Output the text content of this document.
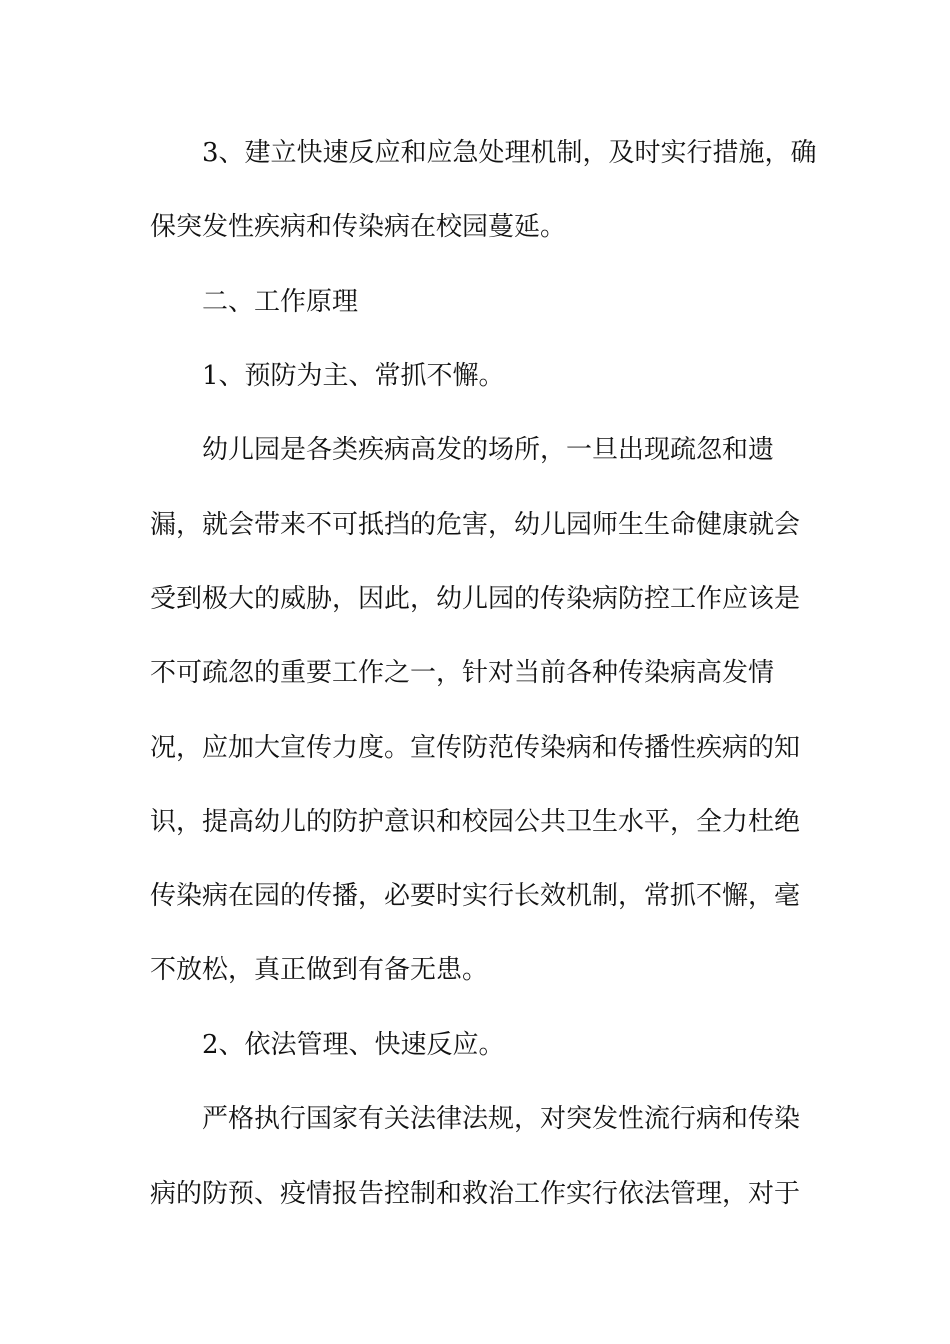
3、建立快速反应和应急处理机制，及时实行措施，确
保突发性疾病和传染病在校园蔓延。
二、工作原理
1、预防为主、常抓不懈。
幼儿园是各类疾病高发的场所，一旦出现疏忽和遗
漏，就会带来不可抵挡的危害，幼儿园师生生命健康就会
受到极大的威胁，因此，幼儿园的传染病防控工作应该是
不可疏忽的重要工作之一，针对当前各种传染病高发情
况，应加大宣传力度。宣传防范传染病和传播性疾病的知
识，提高幼儿的防护意识和校园公共卫生水平，全力杜绝
传染病在园的传播，必要时实行长效机制，常抓不懈，毫
不放松，真正做到有备无患。
2、依法管理、快速反应。
严格执行国家有关法律法规，对突发性流行病和传染
病的防预、疫情报告控制和救治工作实行依法管理，对于
